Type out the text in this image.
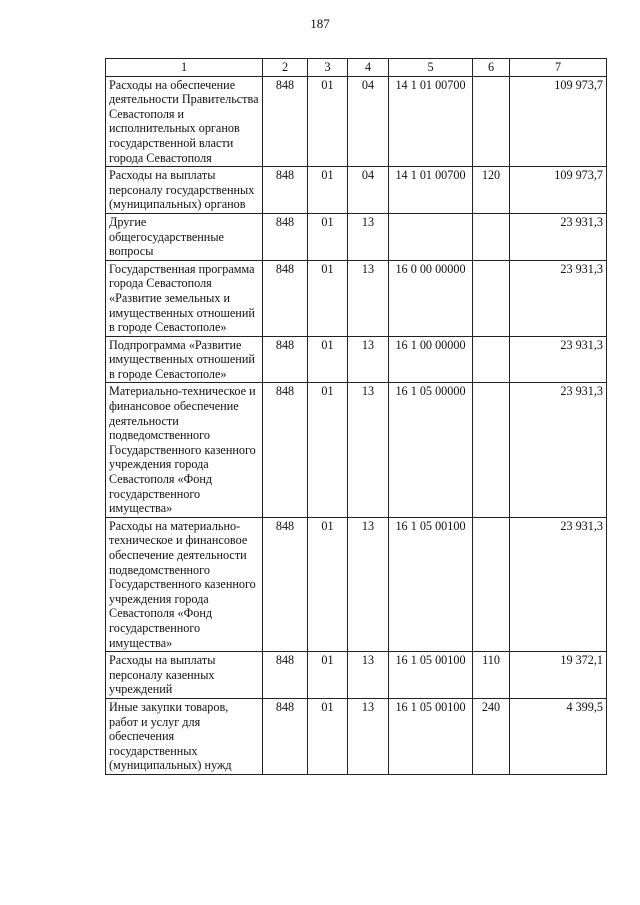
187
1	2	3	4	5	6	7
Расходы на обеспечение деятельности Правительства Севастополя и исполнительных органов государственной власти города Севастополя	848	01	04	14 1 01 00700		109 973,7
Расходы на выплаты персоналу государственных (муниципальных) органов	848	01	04	14 1 01 00700	120	109 973,7
Другие общегосударственные вопросы	848	01	13			23 931,3
Государственная программа города Севастополя «Развитие земельных и имущественных отношений в городе Севастополе»	848	01	13	16 0 00 00000		23 931,3
Подпрограмма «Развитие имущественных отношений в городе Севастополе»	848	01	13	16 1 00 00000		23 931,3
Материально-техническое и финансовое обеспечение деятельности подведомственного Государственного казенного учреждения города Севастополя «Фонд государственного имущества»	848	01	13	16 1 05 00000		23 931,3
Расходы на материально-техническое и финансовое обеспечение деятельности подведомственного Государственного казенного учреждения города Севастополя «Фонд государственного имущества»	848	01	13	16 1 05 00100		23 931,3
Расходы на выплаты персоналу казенных учреждений	848	01	13	16 1 05 00100	110	19 372,1
Иные закупки товаров, работ и услуг для обеспечения государственных (муниципальных) нужд	848	01	13	16 1 05 00100	240	4 399,5
